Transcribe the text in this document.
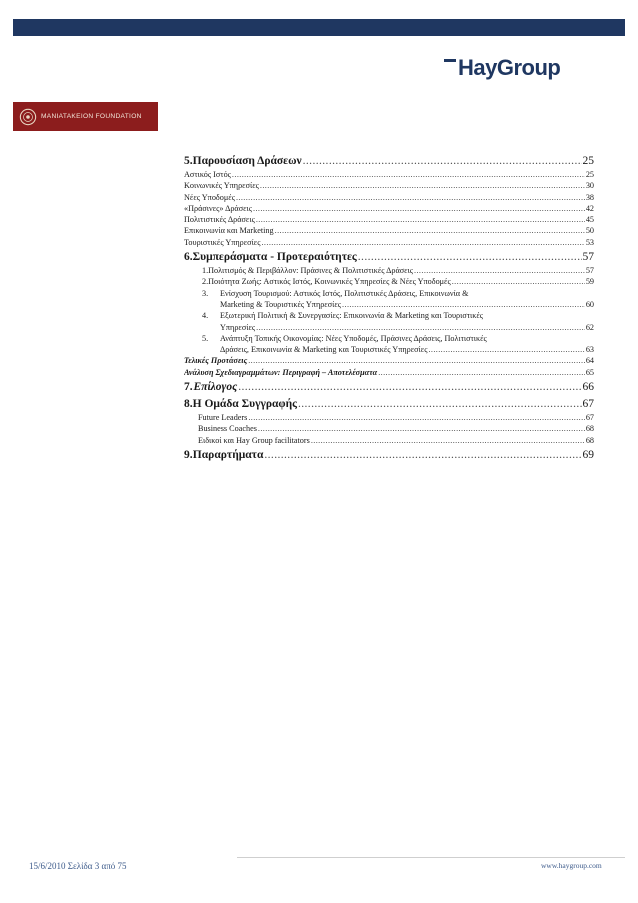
HayGroup
MANIATAKEION FOUNDATION
5. Παρουσίαση Δράσεων .....	25
Αστικός Ιστός .....	25
Κοινωνικές Υπηρεσίες .....	30
Νέες Υποδομές .....	38
«Πράσινες» Δράσεις .....	42
Πολιτιστικές Δράσεις .....	45
Επικοινωνία και Marketing .....	50
Τουριστικές Υπηρεσίες .....	53
6. Συμπεράσματα - Προτεραιότητες .....	57
1. Πολιτισμός & Περιβάλλον: Πράσινες & Πολιτιστικές Δράσεις .....	57
2. Ποιότητα Ζωής: Αστικός Ιστός, Κοινωνικές Υπηρεσίες & Νέες Υποδομές .....	59
3. Ενίσχυση Τουρισμού: Αστικός Ιστός, Πολιτιστικές Δράσεις, Επικοινωνία &
Marketing & Τουριστικές Υπηρεσίες .....	60
4. Εξωτερική Πολιτική & Συνεργασίες: Επικοινωνία & Marketing και Τουριστικές
Υπηρεσίες .....	62
5. Ανάπτυξη Τοπικής Οικονομίας: Νέες Υποδομές, Πράσινες Δράσεις, Πολιτιστικές
Δράσεις, Επικοινωνία & Marketing και Τουριστικές Υπηρεσίες .....	63
Τελικές Προτάσεις .....	64
Ανάλυση Σχεδιαγραμμάτων: Περιγραφή – Αποτελέσματα .....	65
7. Επίλογος .....	66
8. Η Ομάδα Συγγραφής .....	67
Future Leaders .....	67
Business Coaches .....	68
Ειδικοί και Hay Group facilitators .....	68
9. Παραρτήματα .....	69
15/6/2010 Σελίδα 3 από 75	www.haygroup.com
